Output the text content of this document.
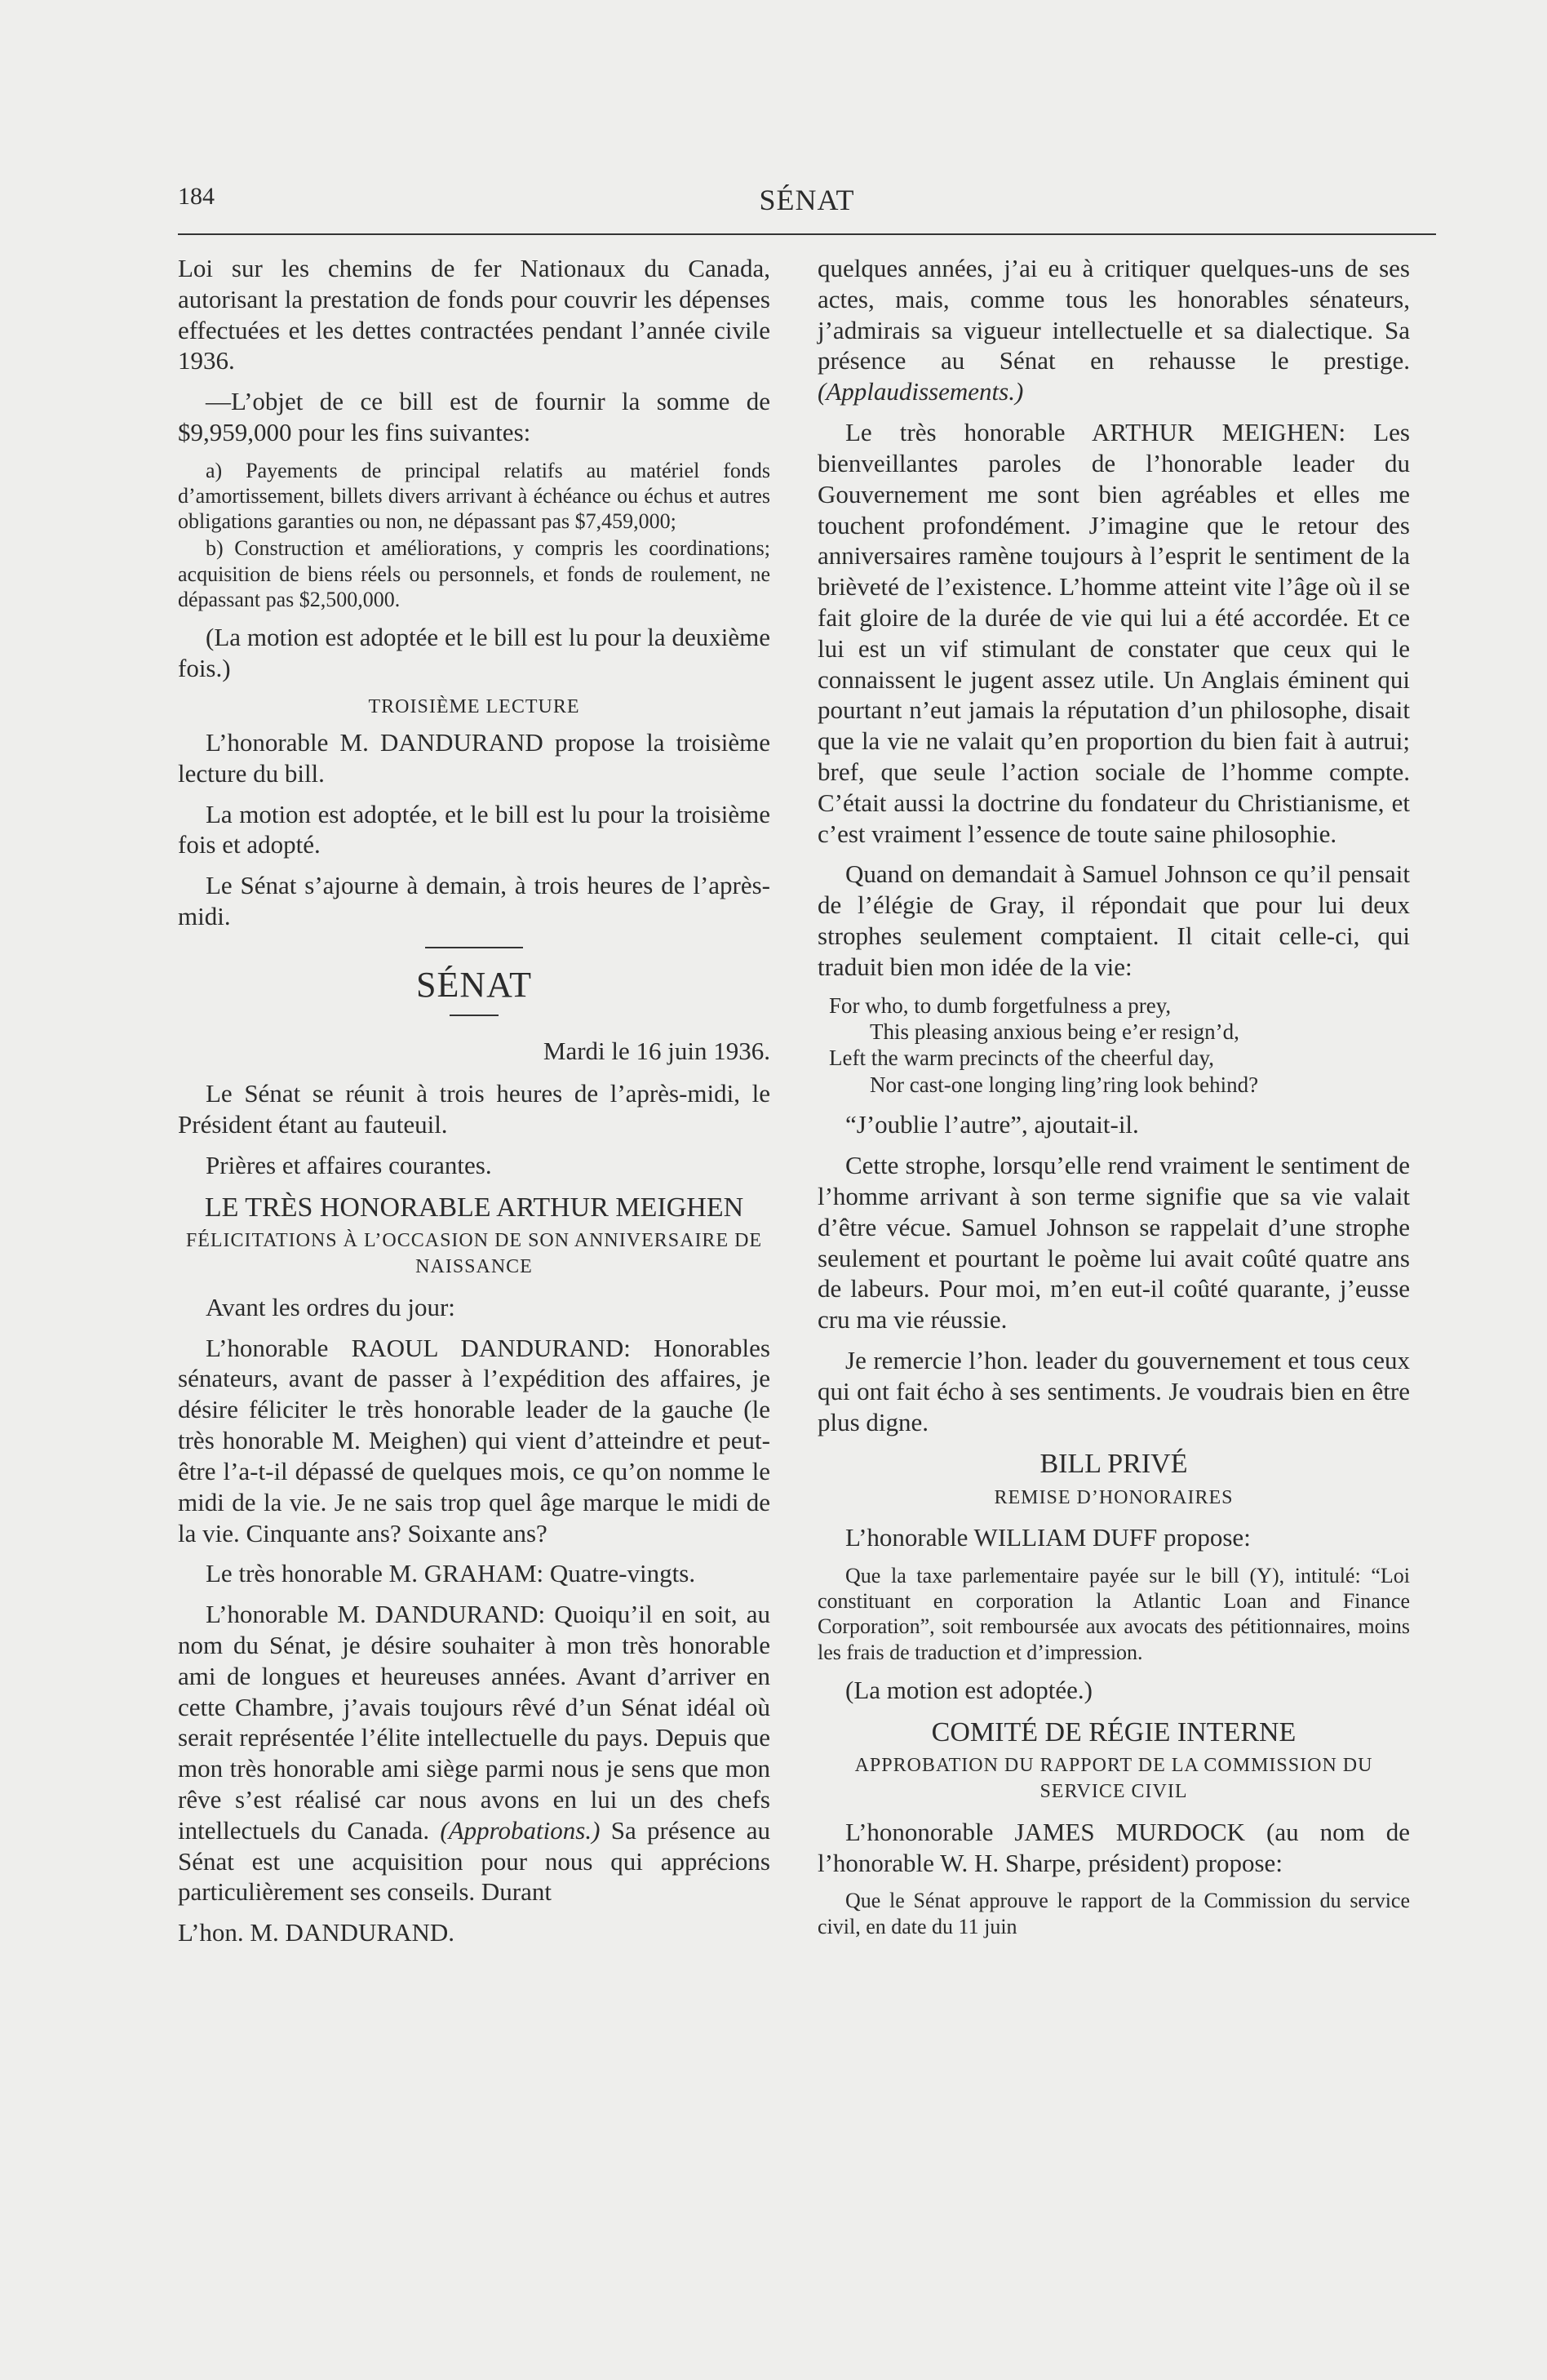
184	SÉNAT

Loi sur les chemins de fer Nationaux du Canada, autorisant la prestation de fonds pour couvrir les dépenses effectuées et les dettes contractées pendant l’année civile 1936.

—L’objet de ce bill est de fournir la somme de $9,959,000 pour les fins suivantes:

a) Payements de principal relatifs au matériel fonds d’amortissement, billets divers arrivant à échéance ou échus et autres obligations garanties ou non, ne dépassant pas $7,459,000;

b) Construction et améliorations, y compris les coordinations; acquisition de biens réels ou personnels, et fonds de roulement, ne dépassant pas $2,500,000.

(La motion est adoptée et le bill est lu pour la deuxième fois.)

TROISIÈME LECTURE

L’honorable M. DANDURAND propose la troisième lecture du bill.

La motion est adoptée, et le bill est lu pour la troisième fois et adopté.

Le Sénat s’ajourne à demain, à trois heures de l’après-midi.

SÉNAT
Mardi le 16 juin 1936.

Le Sénat se réunit à trois heures de l’après-midi, le Président étant au fauteuil.

Prières et affaires courantes.

LE TRÈS HONORABLE ARTHUR MEIGHEN
FÉLICITATIONS À L’OCCASION DE SON ANNIVERSAIRE DE NAISSANCE

Avant les ordres du jour:

L’honorable RAOUL DANDURAND: Honorables sénateurs, avant de passer à l’expédition des affaires, je désire féliciter le très honorable leader de la gauche (le très honorable M. Meighen) qui vient d’atteindre et peut-être l’a-t-il dépassé de quelques mois, ce qu’on nomme le midi de la vie. Je ne sais trop quel âge marque le midi de la vie. Cinquante ans? Soixante ans?

Le très honorable M. GRAHAM: Quatre-vingts.

L’honorable M. DANDURAND: Quoiqu’il en soit, au nom du Sénat, je désire souhaiter à mon très honorable ami de longues et heureuses années. Avant d’arriver en cette Chambre, j’avais toujours rêvé d’un Sénat idéal où serait représentée l’élite intellectuelle du pays. Depuis que mon très honorable ami siège parmi nous je sens que mon rêve s’est réalisé car nous avons en lui un des chefs intellectuels du Canada. (Approbations.) Sa présence au Sénat est une acquisition pour nous qui apprécions particulièrement ses conseils. Durant

L’hon. M. DANDURAND.

quelques années, j’ai eu à critiquer quelques-uns de ses actes, mais, comme tous les honorables sénateurs, j’admirais sa vigueur intellectuelle et sa dialectique. Sa présence au Sénat en rehausse le prestige. (Applaudissements.)

Le très honorable ARTHUR MEIGHEN: Les bienveillantes paroles de l’honorable leader du Gouvernement me sont bien agréables et elles me touchent profondément. J’imagine que le retour des anniversaires ramène toujours à l’esprit le sentiment de la brièveté de l’existence. L’homme atteint vite l’âge où il se fait gloire de la durée de vie qui lui a été accordée. Et ce lui est un vif stimulant de constater que ceux qui le connaissent le jugent assez utile. Un Anglais éminent qui pourtant n’eut jamais la réputation d’un philosophe, disait que la vie ne valait qu’en proportion du bien fait à autrui; bref, que seule l’action sociale de l’homme compte. C’était aussi la doctrine du fondateur du Christianisme, et c’est vraiment l’essence de toute saine philosophie.

Quand on demandait à Samuel Johnson ce qu’il pensait de l’élégie de Gray, il répondait que pour lui deux strophes seulement comptaient. Il citait celle-ci, qui traduit bien mon idée de la vie:

For who, to dumb forgetfulness a prey,
This pleasing anxious being e’er resign’d,
Left the warm precincts of the cheerful day,
Nor cast-one longing ling’ring look behind?

“J’oublie l’autre”, ajoutait-il.

Cette strophe, lorsqu’elle rend vraiment le sentiment de l’homme arrivant à son terme signifie que sa vie valait d’être vécue. Samuel Johnson se rappelait d’une strophe seulement et pourtant le poème lui avait coûté quatre ans de labeurs. Pour moi, m’en eut-il coûté quarante, j’eusse cru ma vie réussie.

Je remercie l’hon. leader du gouvernement et tous ceux qui ont fait écho à ses sentiments. Je voudrais bien en être plus digne.

BILL PRIVÉ
REMISE D’HONORAIRES

L’honorable WILLIAM DUFF propose:

Que la taxe parlementaire payée sur le bill (Y), intitulé: “Loi constituant en corporation la Atlantic Loan and Finance Corporation”, soit remboursée aux avocats des pétitionnaires, moins les frais de traduction et d’impression.

(La motion est adoptée.)

COMITÉ DE RÉGIE INTERNE
APPROBATION DU RAPPORT DE LA COMMISSION DU SERVICE CIVIL

L’hononorable JAMES MURDOCK (au nom de l’honorable W. H. Sharpe, président) propose:

Que le Sénat approuve le rapport de la Commission du service civil, en date du 11 juin
